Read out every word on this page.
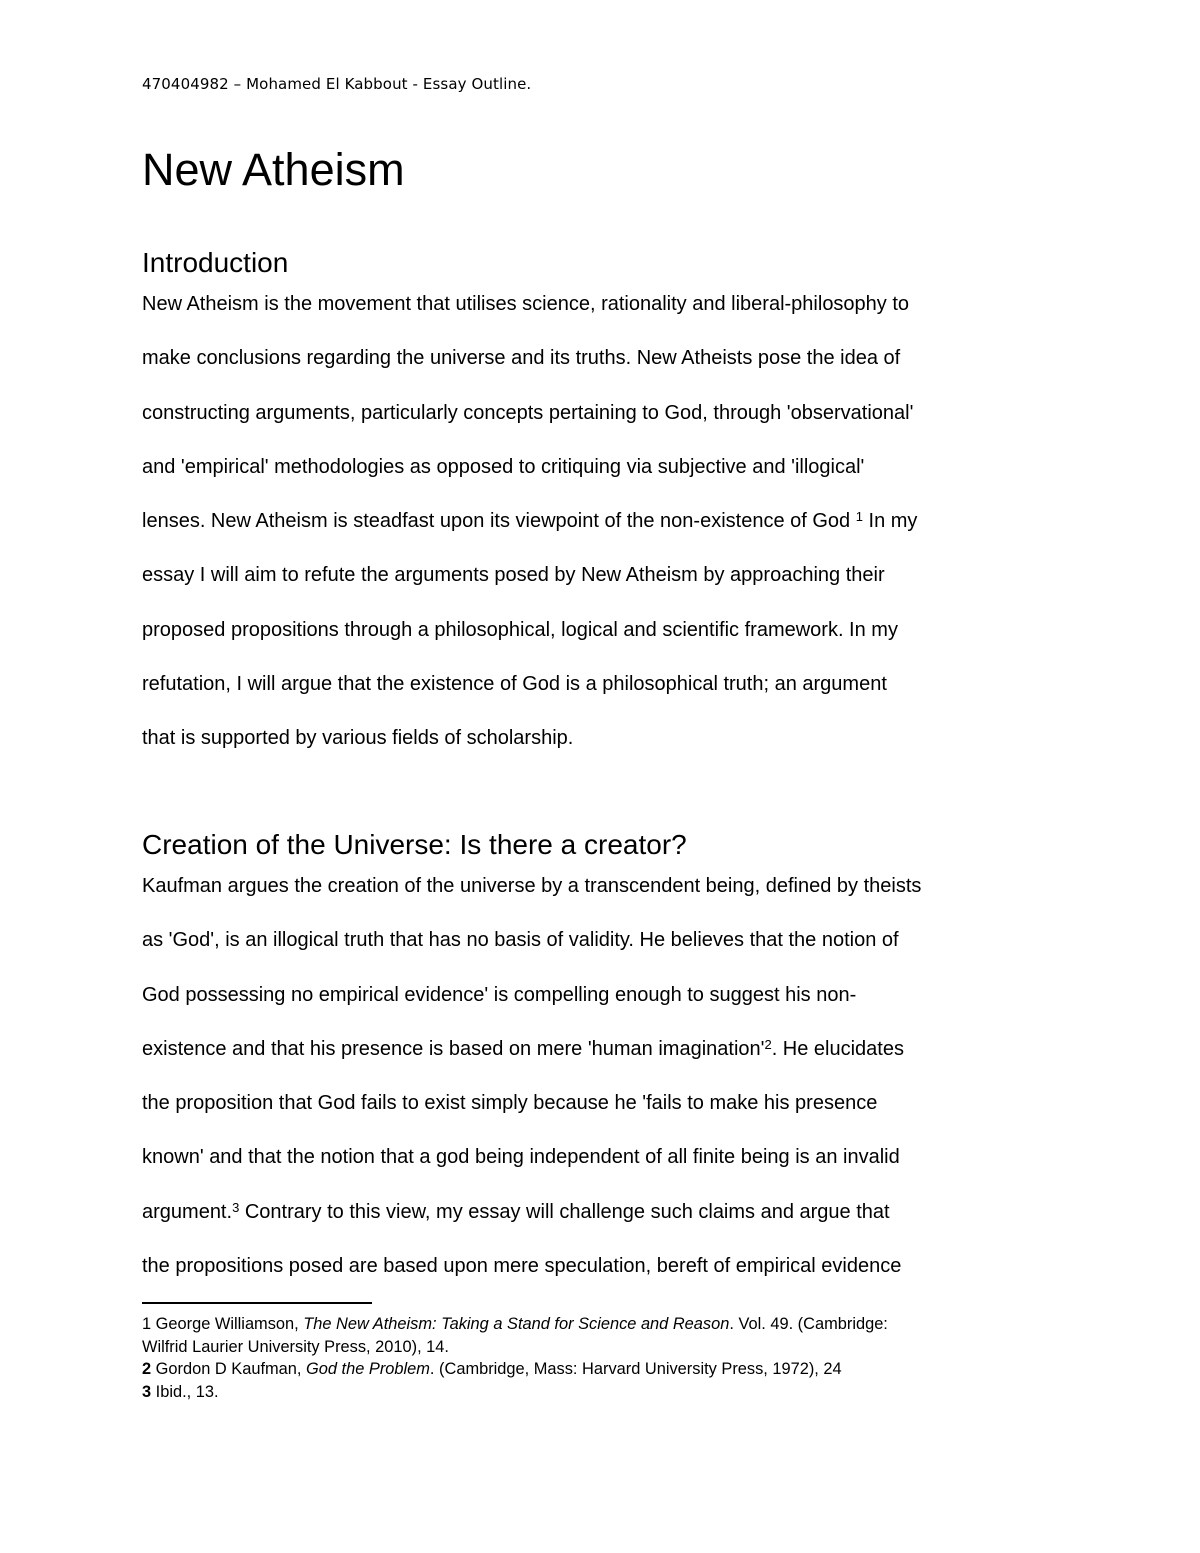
470404982 – Mohamed El Kabbout - Essay Outline.
New Atheism
Introduction
New Atheism is the movement that utilises science, rationality and liberal-philosophy to
make conclusions regarding the universe and its truths. New Atheists pose the idea of
constructing arguments, particularly concepts pertaining to God, through 'observational'
and 'empirical' methodologies as opposed to critiquing via subjective and 'illogical'
lenses. New Atheism is steadfast upon its viewpoint of the non-existence of God $^1$ In my
essay I will aim to refute the arguments posed by New Atheism by approaching their
proposed propositions through a philosophical, logical and scientific framework. In my
refutation, I will argue that the existence of God is a philosophical truth; an argument
that is supported by various fields of scholarship.
Creation of the Universe: Is there a creator?
Kaufman argues the creation of the universe by a transcendent being, defined by theists
as 'God', is an illogical truth that has no basis of validity. He believes that the notion of
God possessing no empirical evidence' is compelling enough to suggest his non-
existence and that his presence is based on mere 'human $imagination'^2$. He elucidates
the proposition that God fails to exist simply because he 'fails to make his presence
known' and that the notion that a god being independent of all finite being is an invalid
argument.$^3$ Contrary to this view, my essay will challenge such claims and argue that
the propositions posed are based upon mere speculation, bereft of empirical evidence
1 George Williamson, The New Atheism: Taking a Stand for Science and Reason. Vol. 49. (Cambridge:
Wilfrid Laurier University Press, 2010), 14.
2 Gordon D Kaufman, God the Problem. (Cambridge, Mass: Harvard University Press, 1972), 24
3 Ibid., 13.
